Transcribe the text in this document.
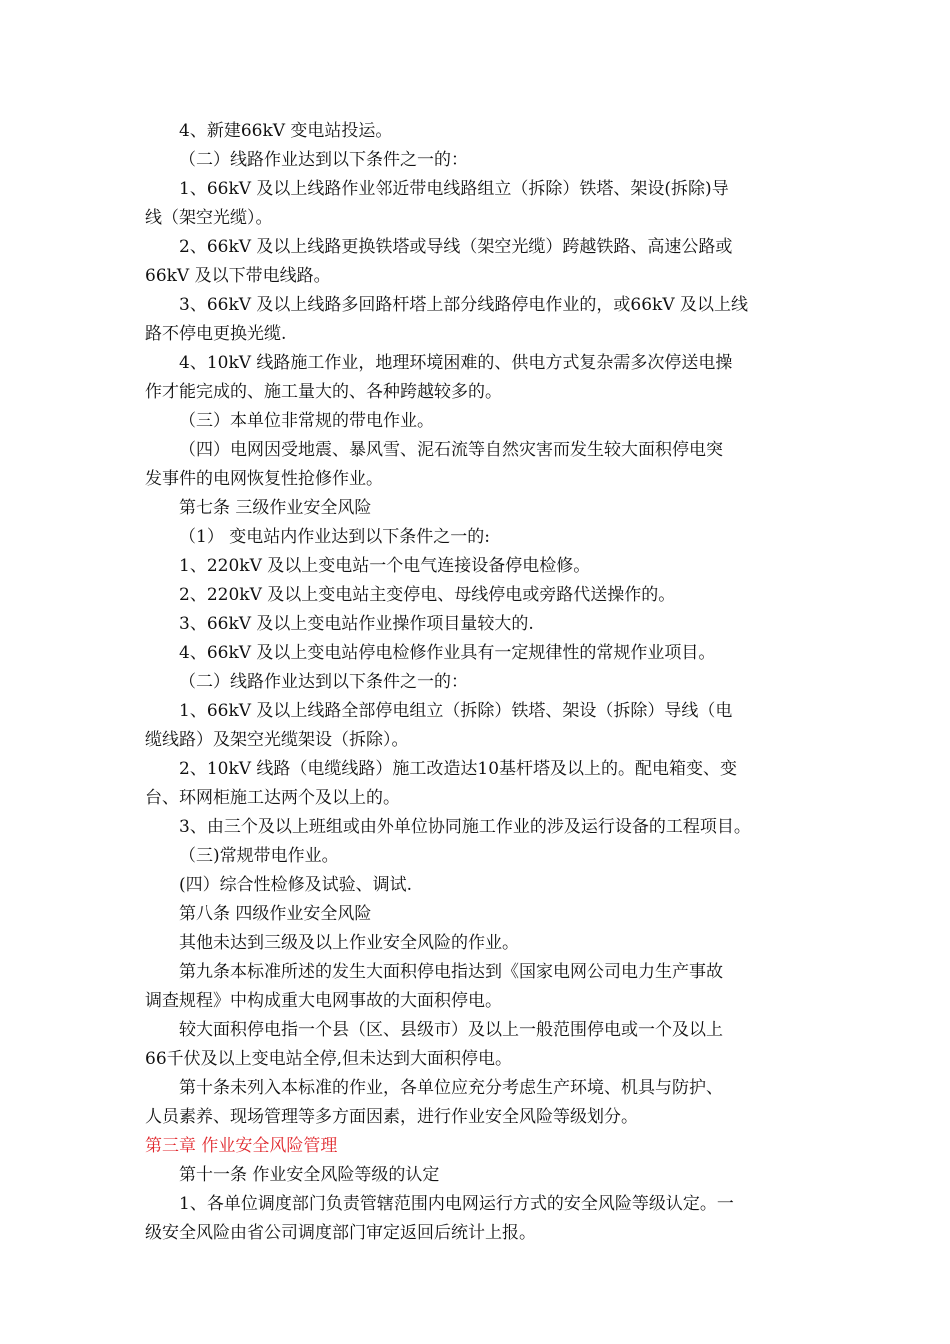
4、新建66kV 变电站投运。
（二）线路作业达到以下条件之一的：
1、66kV 及以上线路作业邻近带电线路组立（拆除）铁塔、架设(拆除)导
线（架空光缆）。
2、66kV 及以上线路更换铁塔或导线（架空光缆）跨越铁路、高速公路或
66kV 及以下带电线路。
3、66kV 及以上线路多回路杆塔上部分线路停电作业的，或66kV 及以上线
路不停电更换光缆.
4、10kV 线路施工作业，地理环境困难的、供电方式复杂需多次停送电操
作才能完成的、施工量大的、各种跨越较多的。
（三）本单位非常规的带电作业。
（四）电网因受地震、暴风雪、泥石流等自然灾害而发生较大面积停电突
发事件的电网恢复性抢修作业。
第七条 三级作业安全风险
（1） 变电站内作业达到以下条件之一的:
1、220kV 及以上变电站一个电气连接设备停电检修。
2、220kV 及以上变电站主变停电、母线停电或旁路代送操作的。
3、66kV 及以上变电站作业操作项目量较大的.
4、66kV 及以上变电站停电检修作业具有一定规律性的常规作业项目。
（二）线路作业达到以下条件之一的：
1、66kV 及以上线路全部停电组立（拆除）铁塔、架设（拆除）导线（电
缆线路）及架空光缆架设（拆除）。
2、10kV 线路（电缆线路）施工改造达10基杆塔及以上的。配电箱变、变
台、环网柜施工达两个及以上的。
3、由三个及以上班组或由外单位协同施工作业的涉及运行设备的工程项目。
（三)常规带电作业。
(四）综合性检修及试验、调试.
第八条 四级作业安全风险
其他未达到三级及以上作业安全风险的作业。
第九条本标准所述的发生大面积停电指达到《国家电网公司电力生产事故
调查规程》中构成重大电网事故的大面积停电。
较大面积停电指一个县（区、县级市）及以上一般范围停电或一个及以上
66千伏及以上变电站全停,但未达到大面积停电。
第十条未列入本标准的作业，各单位应充分考虑生产环境、机具与防护、
人员素养、现场管理等多方面因素，进行作业安全风险等级划分。
第三章 作业安全风险管理
第十一条 作业安全风险等级的认定
1、各单位调度部门负责管辖范围内电网运行方式的安全风险等级认定。一
级安全风险由省公司调度部门审定返回后统计上报。
